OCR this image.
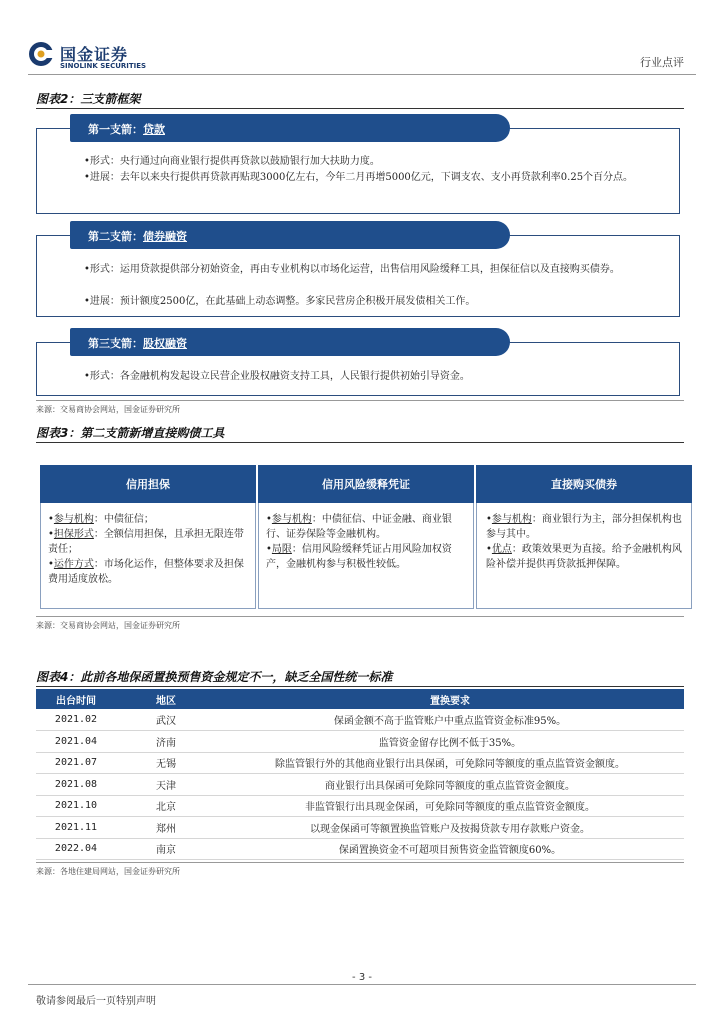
国金证券
SINOLINK SECURITIES	行业点评
图表2：三支箭框架
第一支箭：贷款
•形式：央行通过向商业银行提供再贷款以鼓励银行加大扶助力度。
•进展：去年以来央行提供再贷款再贴现3000亿左右，今年二月再增5000亿元，下调支农、支小再贷款利率0.25个百分点。
第二支箭：债券融资
•形式：运用贷款提供部分初始资金，再由专业机构以市场化运营，出售信用风险缓释工具，担保征信以及直接购买债券。
•进展：预计额度2500亿，在此基础上动态调整。多家民营房企积极开展发债相关工作。
第三支箭：股权融资
•形式：各金融机构发起设立民营企业股权融资支持工具，人民银行提供初始引导资金。
来源：交易商协会网站，国金证券研究所
图表3：第二支箭新增直接购债工具
信用担保
•参与机构：中债征信；
•担保形式：全额信用担保，且承担无限连带责任；
•运作方式：市场化运作，但整体要求及担保费用适度放松。
信用风险缓释凭证
•参与机构：中债征信、中证金融、商业银行、证券保险等金融机构。
•局限：信用风险缓释凭证占用风险加权资产，金融机构参与积极性较低。
直接购买债券
•参与机构：商业银行为主，部分担保机构也参与其中。
•优点：政策效果更为直接。给予金融机构风险补偿并提供再贷款抵押保障。
来源：交易商协会网站，国金证券研究所
图表4：此前各地保函置换预售资金规定不一，缺乏全国性统一标准
出台时间	地区	置换要求
2021.02	武汉	保函金额不高于监管账户中重点监管资金标准95%。
2021.04	济南	监管资金留存比例不低于35%。
2021.07	无锡	除监管银行外的其他商业银行出具保函，可免除同等额度的重点监管资金额度。
2021.08	天津	商业银行出具保函可免除同等额度的重点监管资金额度。
2021.10	北京	非监管银行出具现金保函，可免除同等额度的重点监管资金额度。
2021.11	郑州	以现金保函可等额置换监管账户及按揭贷款专用存款账户资金。
2022.04	南京	保函置换资金不可超项目预售资金监管额度60%。
来源：各地住建局网站，国金证券研究所
- 3 -
敬请参阅最后一页特别声明
